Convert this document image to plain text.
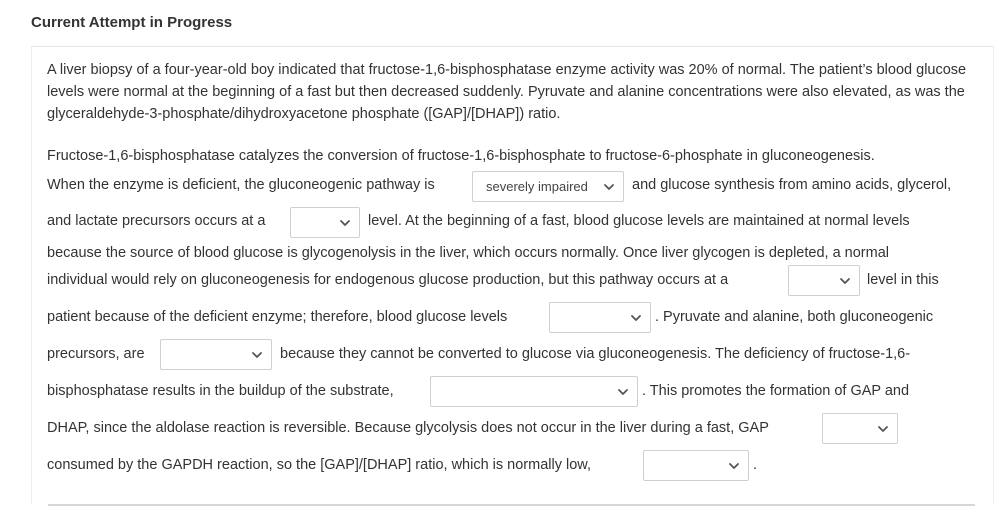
Current Attempt in Progress
A liver biopsy of a four-year-old boy indicated that fructose-1,6-bisphosphatase enzyme activity was 20% of normal. The patient’s blood glucose levels were normal at the beginning of a fast but then decreased suddenly. Pyruvate and alanine concentrations were also elevated, as was the glyceraldehyde-3-phosphate/dihydroxyacetone phosphate ([GAP]/[DHAP]) ratio.
Fructose-1,6-bisphosphatase catalyzes the conversion of fructose-1,6-bisphosphate to fructose-6-phosphate in gluconeogenesis.
When the enzyme is deficient, the gluconeogenic pathway is	severely impaired	and glucose synthesis from amino acids, glycerol,
and lactate precursors occurs at a	level. At the beginning of a fast, blood glucose levels are maintained at normal levels
because the source of blood glucose is glycogenolysis in the liver, which occurs normally. Once liver glycogen is depleted, a normal
individual would rely on gluconeogenesis for endogenous glucose production, but this pathway occurs at a	level in this
patient because of the deficient enzyme; therefore, blood glucose levels	. Pyruvate and alanine, both gluconeogenic
precursors, are	because they cannot be converted to glucose via gluconeogenesis. The deficiency of fructose-1,6-
bisphosphatase results in the buildup of the substrate,	. This promotes the formation of GAP and
DHAP, since the aldolase reaction is reversible. Because glycolysis does not occur in the liver during a fast, GAP
consumed by the GAPDH reaction, so the [GAP]/[DHAP] ratio, which is normally low,	.
